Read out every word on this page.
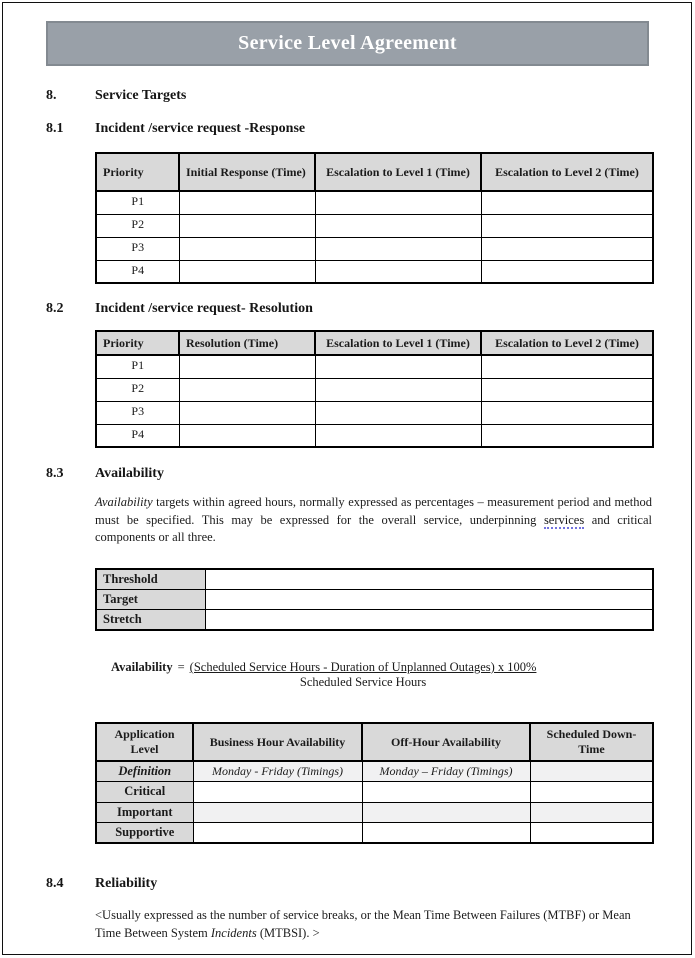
Service Level Agreement
8.	Service Targets
8.1	Incident /service request -Response
Priority	Initial Response (Time)	Escalation to Level 1 (Time)	Escalation to Level 2 (Time)
P1			
P2			
P3			
P4			
8.2	Incident /service request- Resolution
Priority	Resolution (Time)	Escalation to Level 1 (Time)	Escalation to Level 2 (Time)
P1			
P2			
P3			
P4			
8.3	Availability
Availability targets within agreed hours, normally expressed as percentages – measurement period and method must be specified. This may be expressed for the overall service, underpinning services and critical components or all three.
Threshold	
Target	
Stretch	
Availability = (Scheduled Service Hours - Duration of Unplanned Outages) x 100%
Scheduled Service Hours
Application Level	Business Hour Availability	Off-Hour Availability	Scheduled Down-Time
Definition	Monday - Friday (Timings)	Monday – Friday (Timings)	
Critical			
Important			
Supportive			
8.4	Reliability
<Usually expressed as the number of service breaks, or the Mean Time Between Failures (MTBF) or Mean Time Between System Incidents (MTBSI). >
